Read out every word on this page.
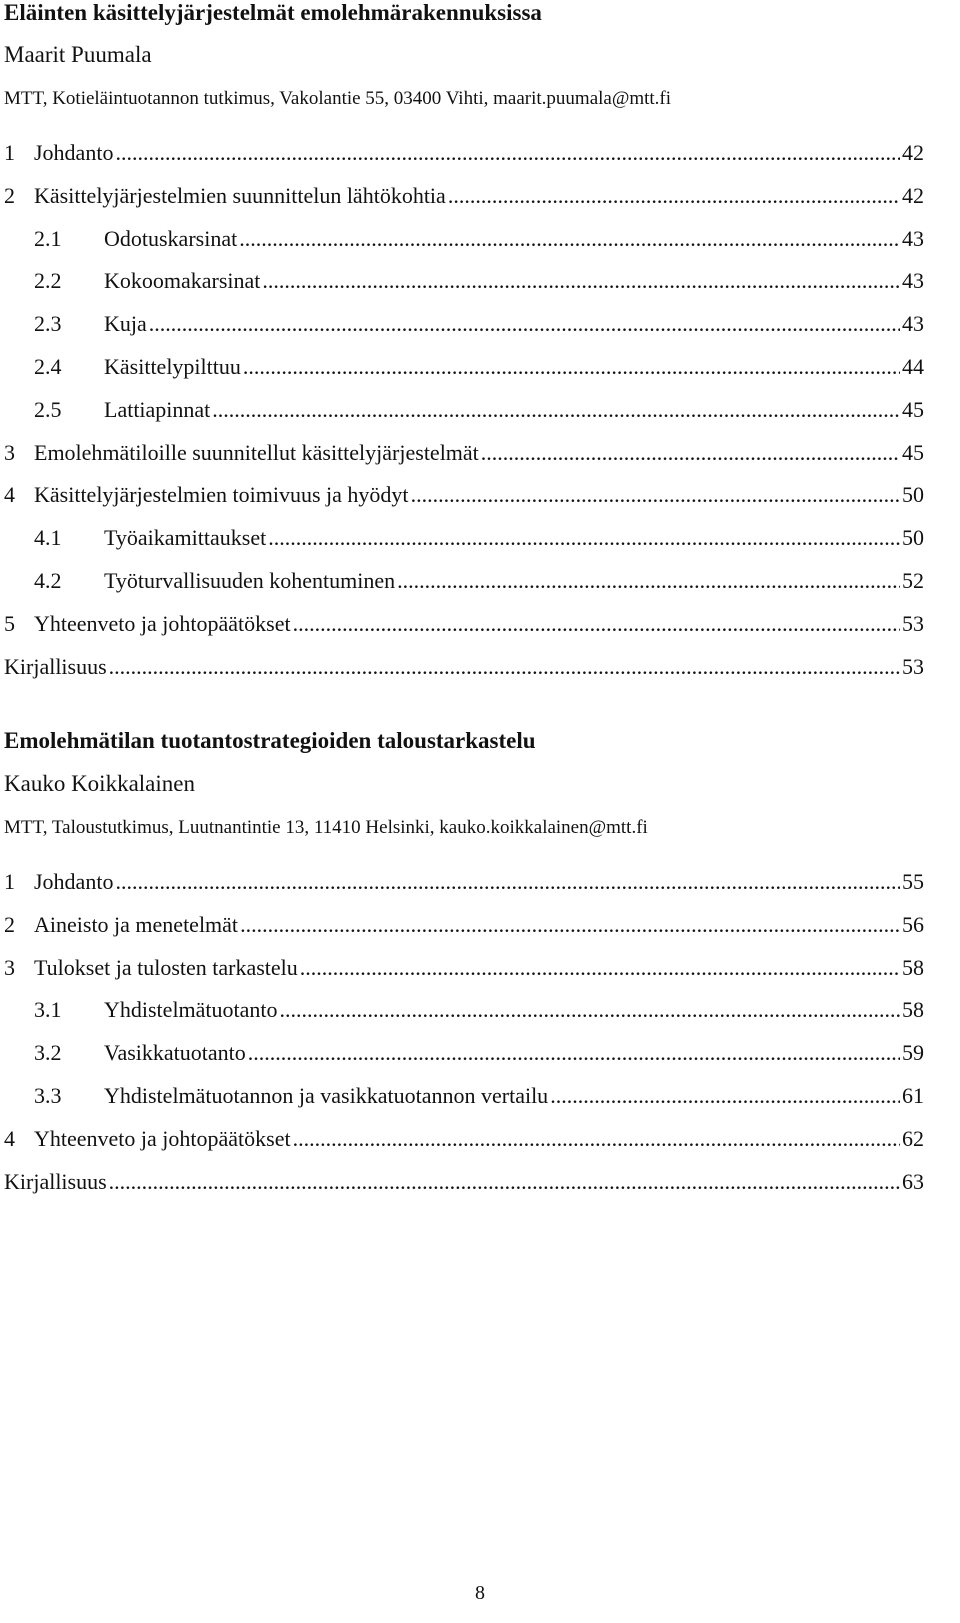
Eläinten käsittelyjärjestelmät emolehmärakennuksissa
Maarit Puumala
MTT, Kotieläintuotannon tutkimus, Vakolantie 55, 03400 Vihti, maarit.puumala@mtt.fi
1 Johdanto .....	42
2 Käsittelyjärjestelmien suunnittelun lähtökohtia .....	42
2.1	Odotuskarsinat .....	43
2.2	Kokoomakarsinat .....	43
2.3	Kuja .....	43
2.4	Käsittelypilttuu .....	44
2.5	Lattiapinnat .....	45
3 Emolehmätiloille suunnitellut käsittelyjärjestelmät .....	45
4 Käsittelyjärjestelmien toimivuus ja hyödyt .....	50
4.1	Työaikamittaukset .....	50
4.2	Työturvallisuuden kohentuminen .....	52
5 Yhteenveto ja johtopäätökset .....	53
Kirjallisuus .....	53
Emolehmätilan tuotantostrategioiden taloustarkastelu
Kauko Koikkalainen
MTT, Taloustutkimus, Luutnantintie 13, 11410 Helsinki, kauko.koikkalainen@mtt.fi
1 Johdanto .....	55
2 Aineisto ja menetelmät .....	56
3 Tulokset ja tulosten tarkastelu .....	58
3.1	Yhdistelmätuotanto .....	58
3.2	Vasikkatuotanto .....	59
3.3	Yhdistelmätuotannon ja vasikkatuotannon vertailu .....	61
4 Yhteenveto ja johtopäätökset .....	62
Kirjallisuus .....	63
8
